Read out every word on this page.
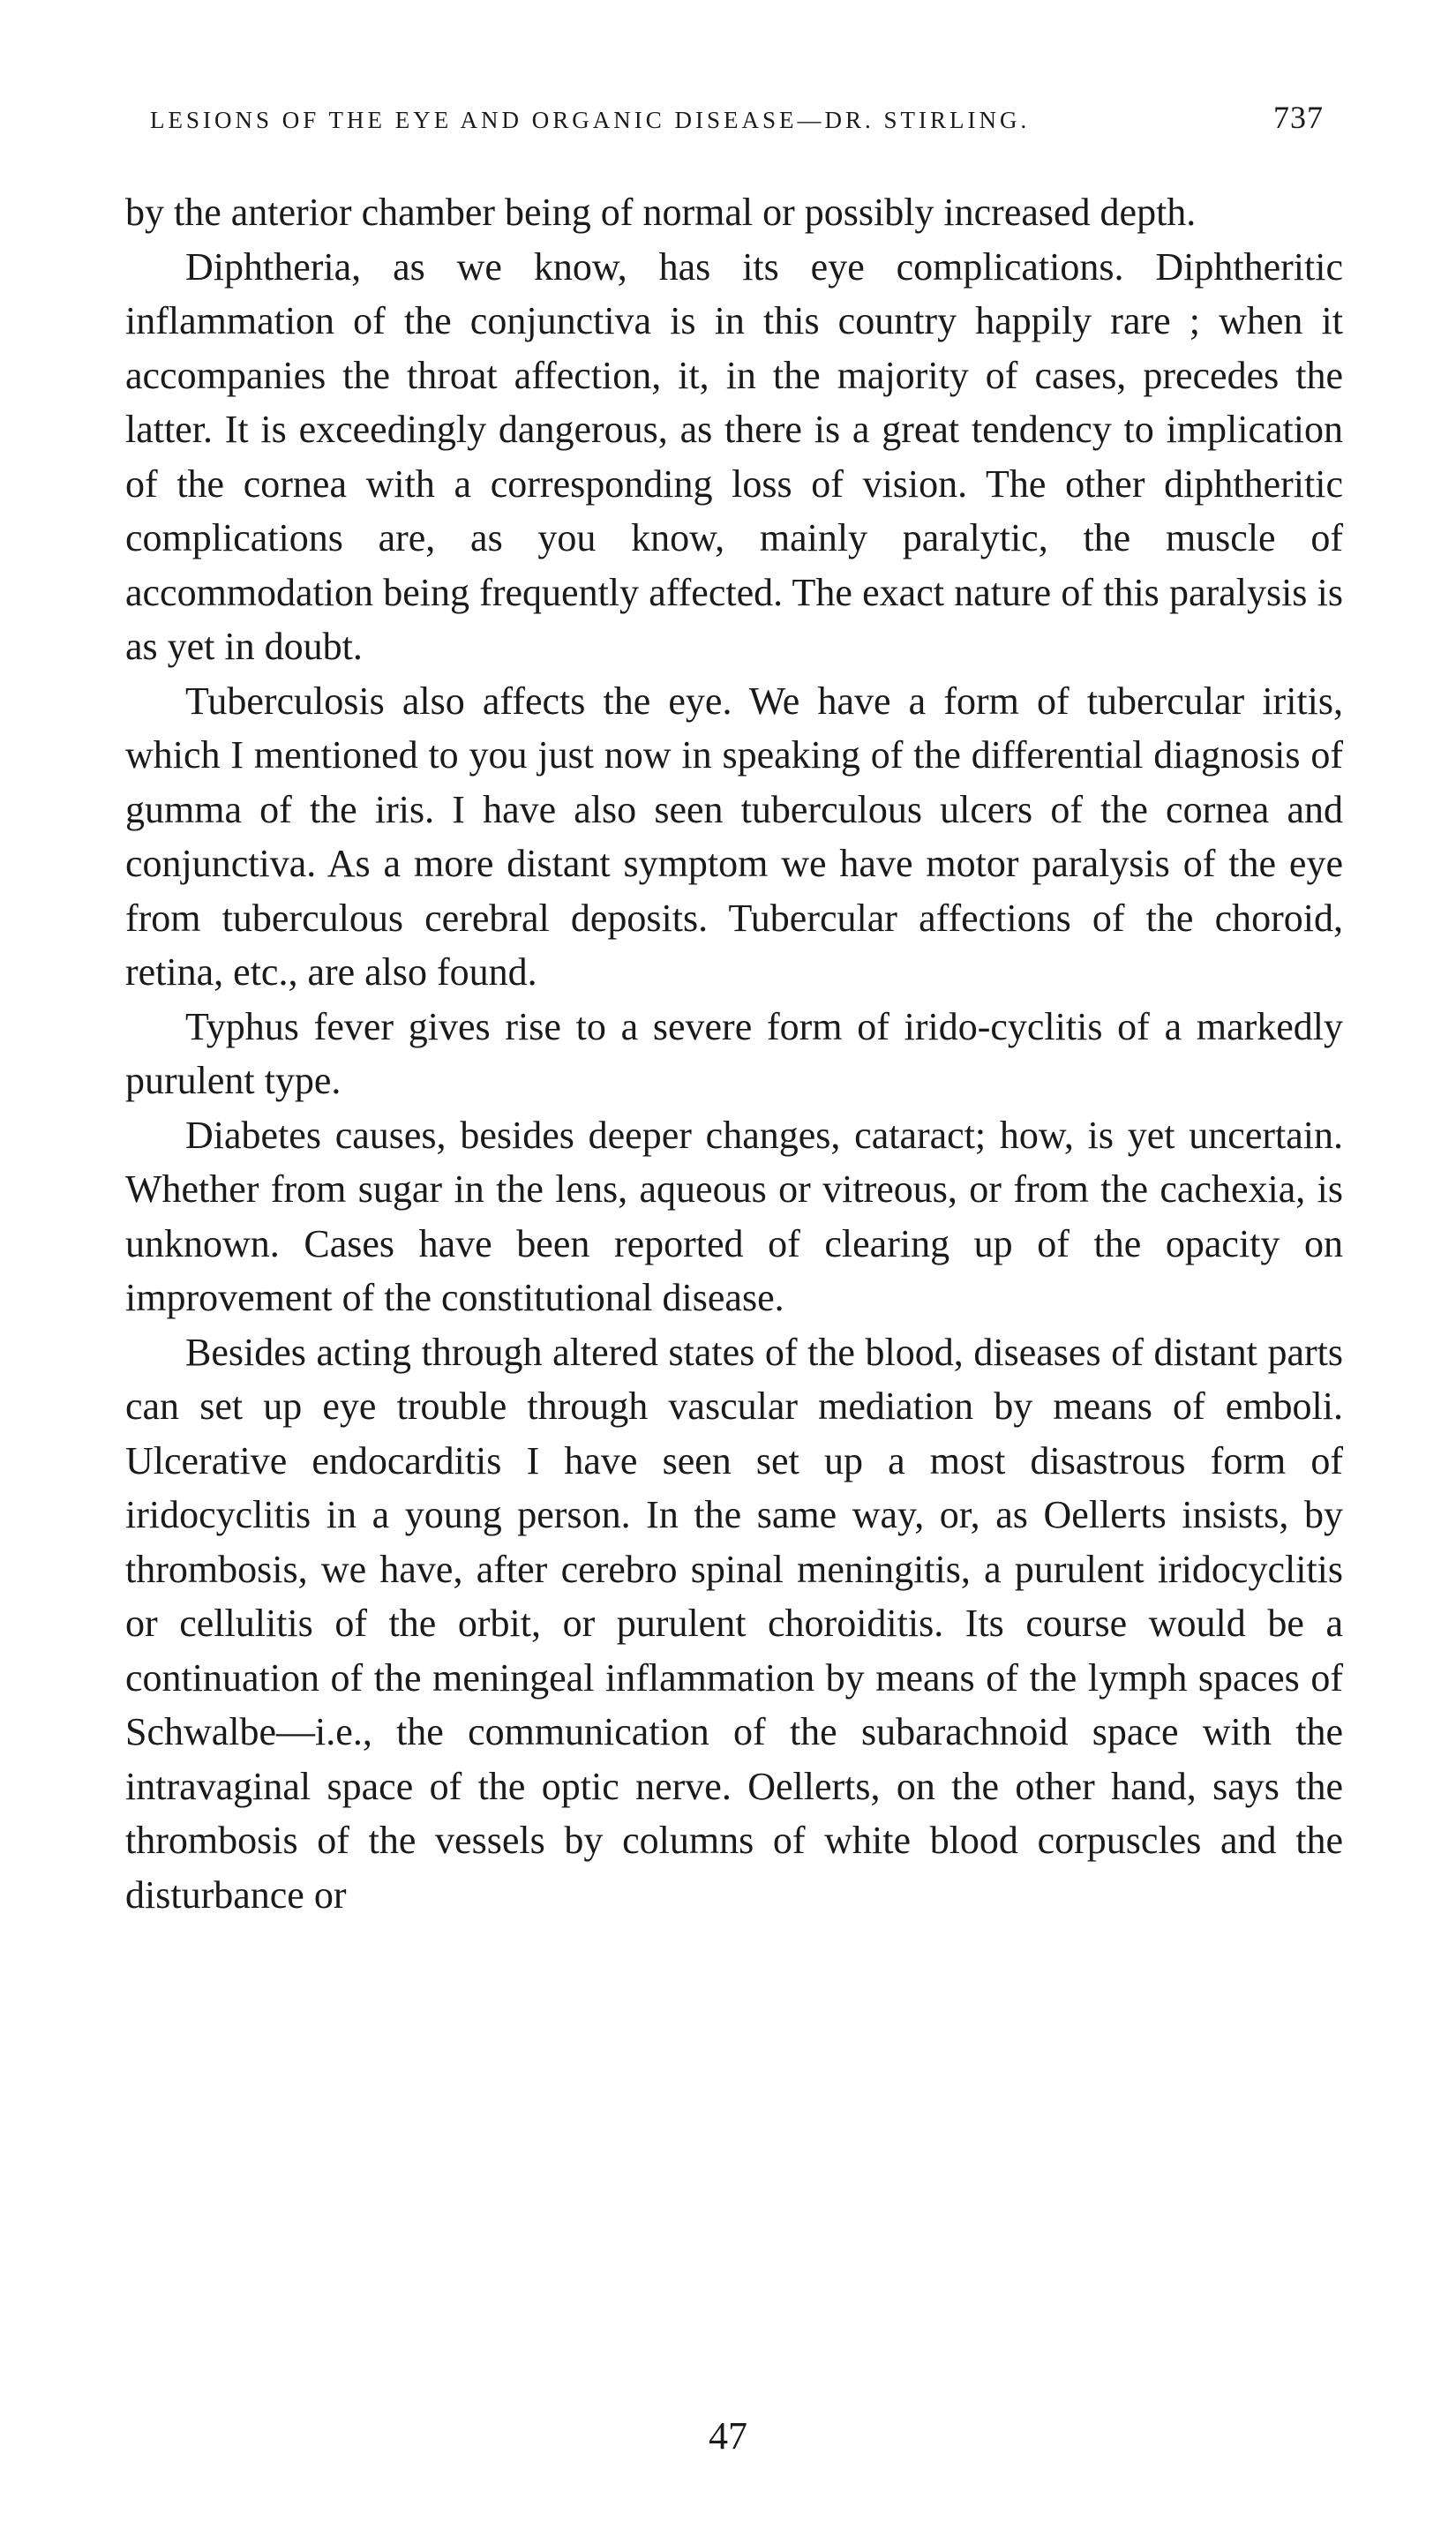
LESIONS OF THE EYE AND ORGANIC DISEASE—DR. STIRLING.	737

by the anterior chamber being of normal or possibly increased depth.

Diphtheria, as we know, has its eye complications. Diphtheritic inflammation of the conjunctiva is in this country happily rare ; when it accompanies the throat affection, it, in the majority of cases, precedes the latter. It is exceedingly dangerous, as there is a great tendency to implication of the cornea with a corresponding loss of vision. The other diphtheritic complications are, as you know, mainly paralytic, the muscle of accommodation being frequently affected. The exact nature of this paralysis is as yet in doubt.

Tuberculosis also affects the eye. We have a form of tubercular iritis, which I mentioned to you just now in speaking of the differential diagnosis of gumma of the iris. I have also seen tuberculous ulcers of the cornea and conjunctiva. As a more distant symptom we have motor paralysis of the eye from tuberculous cerebral deposits. Tubercular affections of the choroid, retina, etc., are also found.

Typhus fever gives rise to a severe form of irido-cyclitis of a markedly purulent type.

Diabetes causes, besides deeper changes, cataract; how, is yet uncertain. Whether from sugar in the lens, aqueous or vitreous, or from the cachexia, is unknown. Cases have been reported of clearing up of the opacity on improvement of the constitutional disease.

Besides acting through altered states of the blood, diseases of distant parts can set up eye trouble through vascular mediation by means of emboli. Ulcerative endocarditis I have seen set up a most disastrous form of iridocyclitis in a young person. In the same way, or, as Oellerts insists, by thrombosis, we have, after cerebro spinal meningitis, a purulent iridocyclitis or cellulitis of the orbit, or purulent choroiditis. Its course would be a continuation of the meningeal inflammation by means of the lymph spaces of Schwalbe—i.e., the communication of the subarachnoid space with the intravaginal space of the optic nerve. Oellerts, on the other hand, says the thrombosis of the vessels by columns of white blood corpuscles and the disturbance or

47
